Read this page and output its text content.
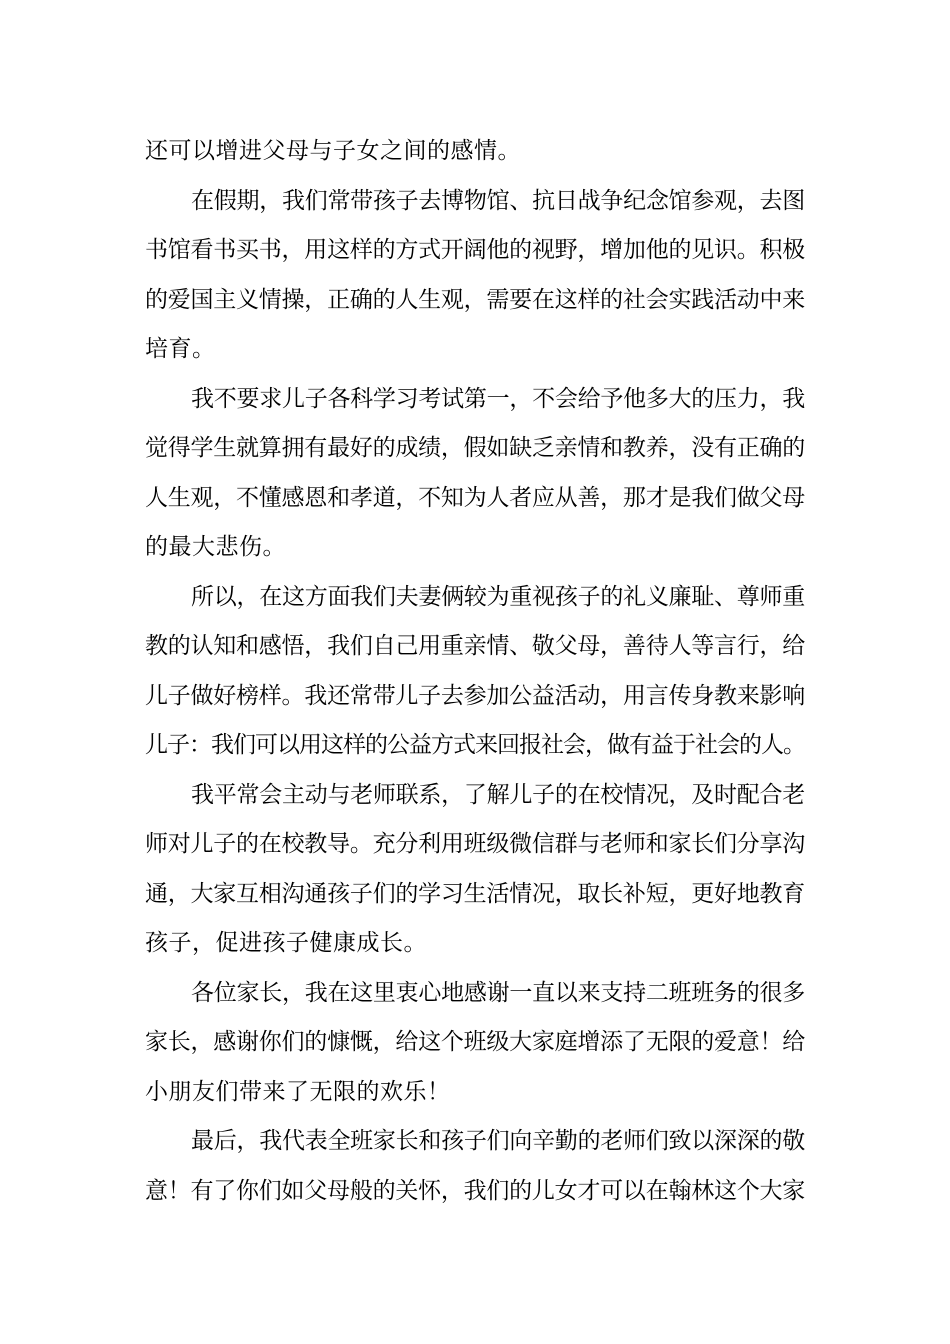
还可以增进父母与子女之间的感情。

在假期，我们常带孩子去博物馆、抗日战争纪念馆参观，去图
书馆看书买书，用这样的方式开阔他的视野，增加他的见识。积极
的爱国主义情操，正确的人生观，需要在这样的社会实践活动中来
培育。

我不要求儿子各科学习考试第一，不会给予他多大的压力，我
觉得学生就算拥有最好的成绩，假如缺乏亲情和教养，没有正确的
人生观，不懂感恩和孝道，不知为人者应从善，那才是我们做父母
的最大悲伤。

所以，在这方面我们夫妻俩较为重视孩子的礼义廉耻、尊师重
教的认知和感悟，我们自己用重亲情、敬父母，善待人等言行，给
儿子做好榜样。我还常带儿子去参加公益活动，用言传身教来影响
儿子：我们可以用这样的公益方式来回报社会，做有益于社会的人。

我平常会主动与老师联系，了解儿子的在校情况，及时配合老
师对儿子的在校教导。充分利用班级微信群与老师和家长们分享沟
通，大家互相沟通孩子们的学习生活情况，取长补短，更好地教育
孩子，促进孩子健康成长。

各位家长，我在这里衷心地感谢一直以来支持二班班务的很多
家长，感谢你们的慷慨，给这个班级大家庭增添了无限的爱意！给
小朋友们带来了无限的欢乐！

最后，我代表全班家长和孩子们向辛勤的老师们致以深深的敬
意！有了你们如父母般的关怀，我们的儿女才可以在翰林这个大家
